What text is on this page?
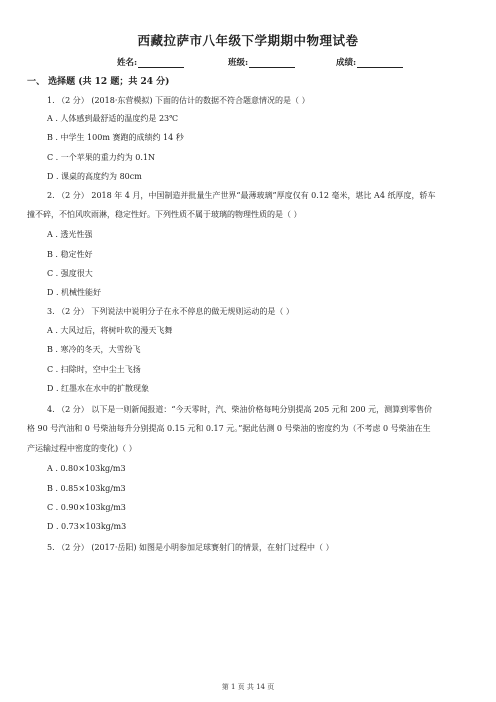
西藏拉萨市八年级下学期期中物理试卷
姓名:	班级:	成绩:
一、 选择题 (共 12 题；共 24 分)
1. （2 分） (2018·东营模拟) 下面的估计的数据不符合题意情况的是（ ）
A . 人体感到最舒适的温度约是 23℃
B . 中学生 100m 赛跑的成绩约 14 秒
C . 一个苹果的重力约为 0.1N
D . 课桌的高度约为 80cm
2. （2 分） 2018 年 4 月，中国制造并批量生产世界“最薄玻璃”厚度仅有 0.12 毫米，堪比 A4 纸厚度，轿车
撞不碎，不怕风吹雨淋，稳定性好。下列性质不属于玻璃的物理性质的是（ ）
A . 透光性强
B . 稳定性好
C . 强度很大
D . 机械性能好
3. （2 分） 下列说法中说明分子在永不停息的做无规则运动的是（ ）
A . 大风过后，将树叶吹的漫天飞舞
B . 寒冷的冬天，大雪纷飞
C . 扫除时，空中尘土飞扬
D . 红墨水在水中的扩散现象
4. （2 分） 以下是一则新闻报道：“今天零时，汽、柴油价格每吨分别提高 205 元和 200 元，测算到零售价
格 90 号汽油和 0 号柴油每升分别提高 0.15 元和 0.17 元。”据此估测 0 号柴油的密度约为（不考虑 0 号柴油在生
产运输过程中密度的变化)（ ）
A . 0.80×103kg/m3
B . 0.85×103kg/m3
C . 0.90×103kg/m3
D . 0.73×103kg/m3
5. （2 分） (2017·岳阳) 如图是小明参加足球赛射门的情景，在射门过程中（ ）
第 1 页 共 14 页
